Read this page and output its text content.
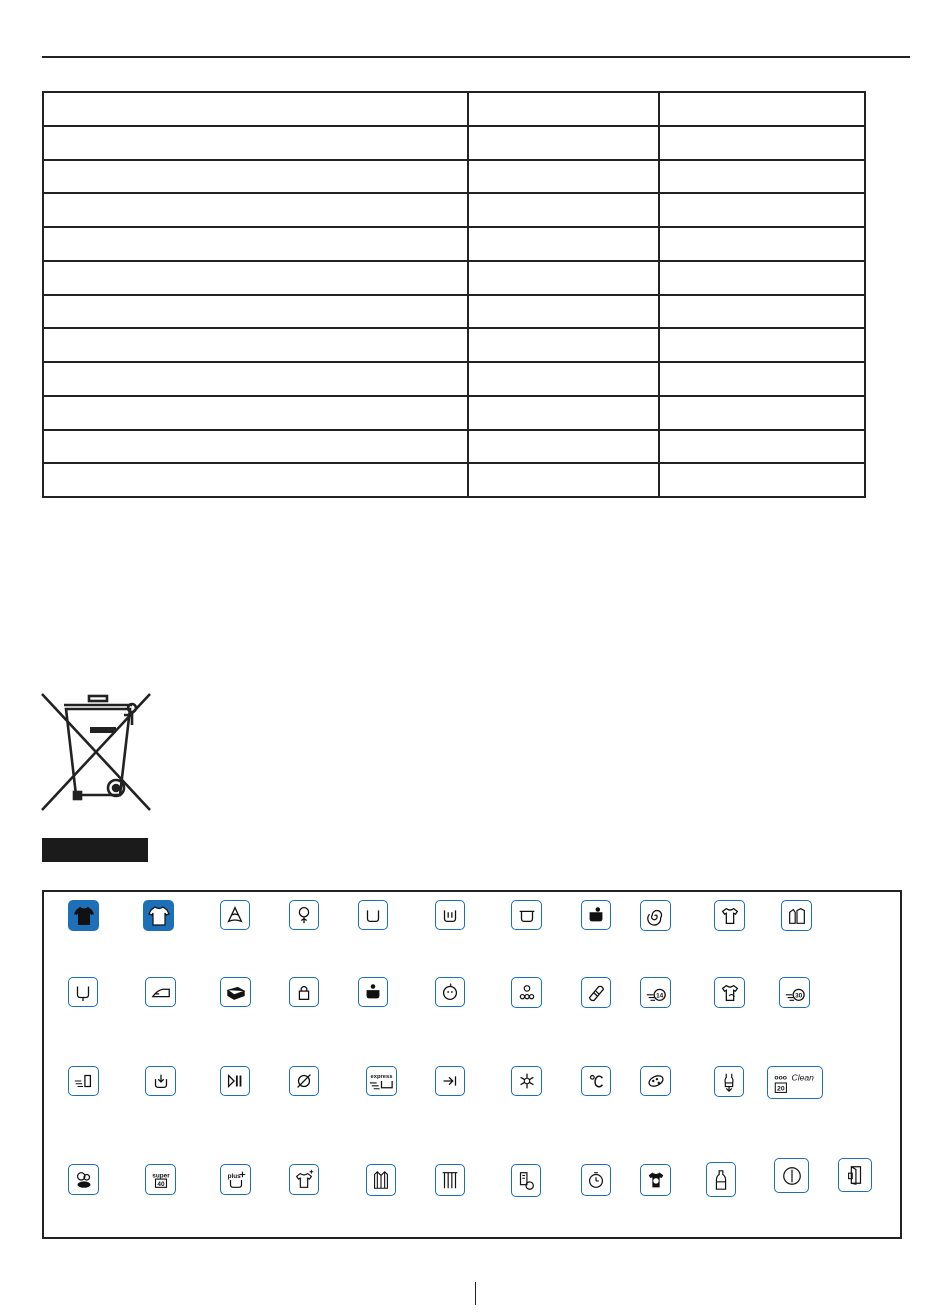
14	30
express	ooo Clean
20
super
40
plus
